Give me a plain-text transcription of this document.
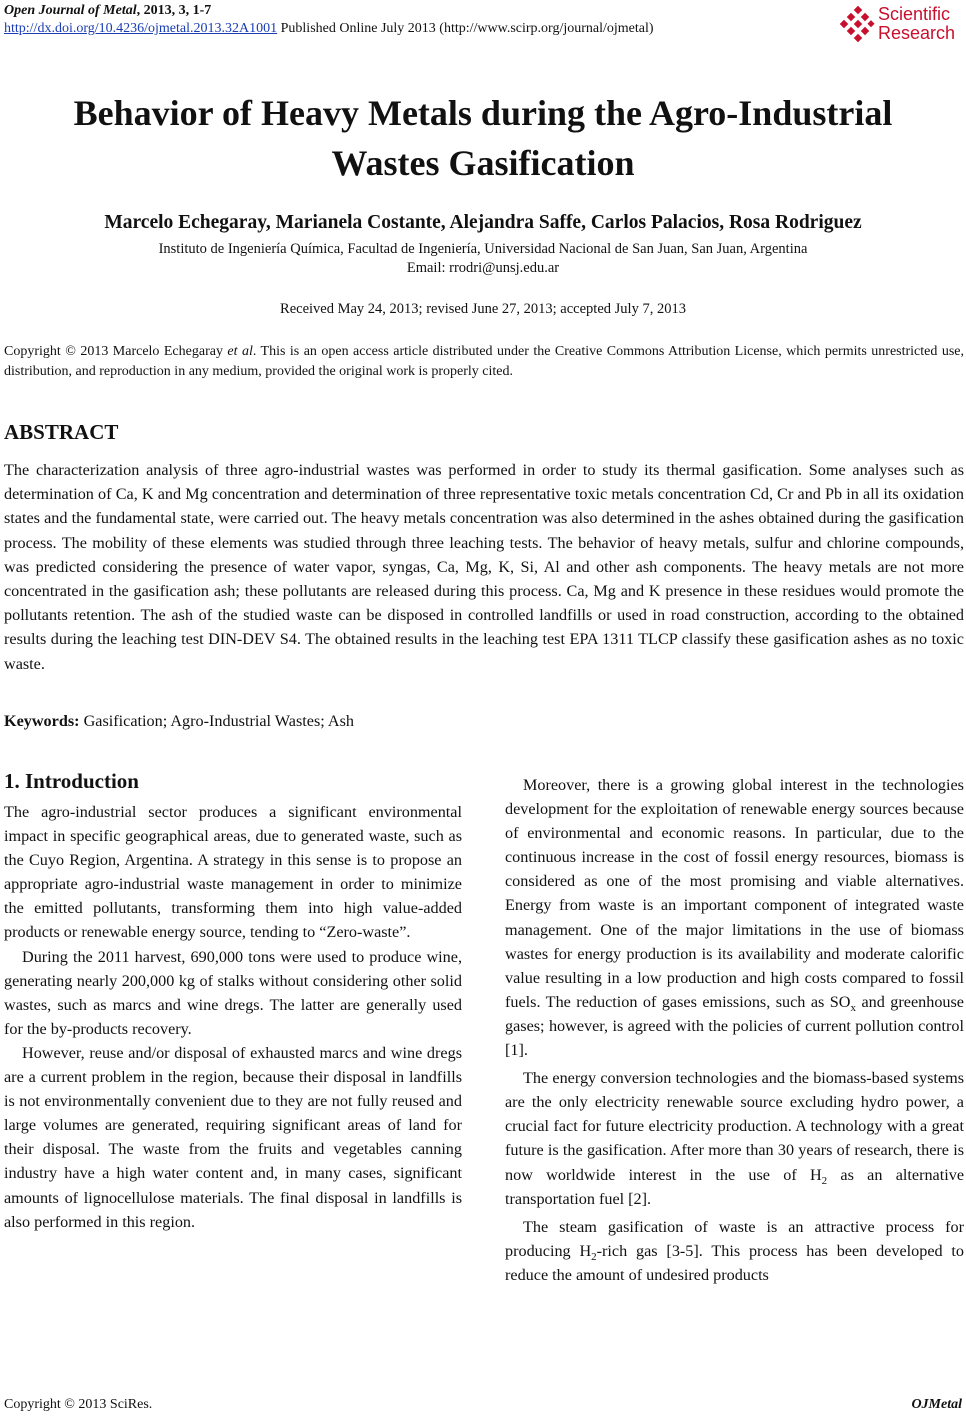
Open Journal of Metal, 2013, 3, 1-7
http://dx.doi.org/10.4236/ojmetal.2013.32A1001 Published Online July 2013 (http://www.scirp.org/journal/ojmetal)
Scientific
Research
Behavior of Heavy Metals during the Agro-Industrial
Wastes Gasification
Marcelo Echegaray, Marianela Costante, Alejandra Saffe, Carlos Palacios, Rosa Rodriguez
Instituto de Ingeniería Química, Facultad de Ingeniería, Universidad Nacional de San Juan, San Juan, Argentina
Email: rrodri@unsj.edu.ar
Received May 24, 2013; revised June 27, 2013; accepted July 7, 2013
Copyright © 2013 Marcelo Echegaray et al. This is an open access article distributed under the Creative Commons Attribution License, which permits unrestricted use, distribution, and reproduction in any medium, provided the original work is properly cited.
ABSTRACT
The characterization analysis of three agro-industrial wastes was performed in order to study its thermal gasification. Some analyses such as determination of Ca, K and Mg concentration and determination of three representative toxic metals concentration Cd, Cr and Pb in all its oxidation states and the fundamental state, were carried out. The heavy metals concentration was also determined in the ashes obtained during the gasification process. The mobility of these elements was studied through three leaching tests. The behavior of heavy metals, sulfur and chlorine compounds, was predicted considering the presence of water vapor, syngas, Ca, Mg, K, Si, Al and other ash components. The heavy metals are not more concentrated in the gasification ash; these pollutants are released during this process. Ca, Mg and K presence in these residues would promote the pollutants retention. The ash of the studied waste can be disposed in controlled landfills or used in road construction, according to the obtained results during the leaching test DIN-DEV S4. The obtained results in the leaching test EPA 1311 TLCP classify these gasification ashes as no toxic waste.
Keywords: Gasification; Agro-Industrial Wastes; Ash
1. Introduction

The agro-industrial sector produces a significant environmental impact in specific geographical areas, due to generated waste, such as the Cuyo Region, Argentina. A strategy in this sense is to propose an appropriate agro-industrial waste management in order to minimize the emitted pollutants, transforming them into high value-added products or renewable energy source, tending to “Zero-waste”.

During the 2011 harvest, 690,000 tons were used to produce wine, generating nearly 200,000 kg of stalks without considering other solid wastes, such as marcs and wine dregs. The latter are generally used for the by-products recovery.

However, reuse and/or disposal of exhausted marcs and wine dregs are a current problem in the region, because their disposal in landfills is not environmentally convenient due to they are not fully reused and large volumes are generated, requiring significant areas of land for their disposal. The waste from the fruits and vegetables canning industry have a high water content and, in many cases, significant amounts of lignocellulose materials. The final disposal in landfills is also performed in this region.

Moreover, there is a growing global interest in the technologies development for the exploitation of renewable energy sources because of environmental and economic reasons. In particular, due to the continuous increase in the cost of fossil energy resources, biomass is considered as one of the most promising and viable alternatives. Energy from waste is an important component of integrated waste management. One of the major limitations in the use of biomass wastes for energy production is its availability and moderate calorific value resulting in a low production and high costs compared to fossil fuels. The reduction of gases emissions, such as $SO_x$ and greenhouse gases; however, is agreed with the policies of current pollution control [1].

The energy conversion technologies and the biomass-based systems are the only electricity renewable source excluding hydro power, a crucial fact for future electricity production. A technology with a great future is the gasification. After more than 30 years of research, there is now worldwide interest in the use of $H_2$ as an alternative transportation fuel [2].

The steam gasification of waste is an attractive process for producing $H_2$-rich gas [3-5]. This process has been developed to reduce the amount of undesired products

Copyright © 2013 SciRes.	OJMetal
